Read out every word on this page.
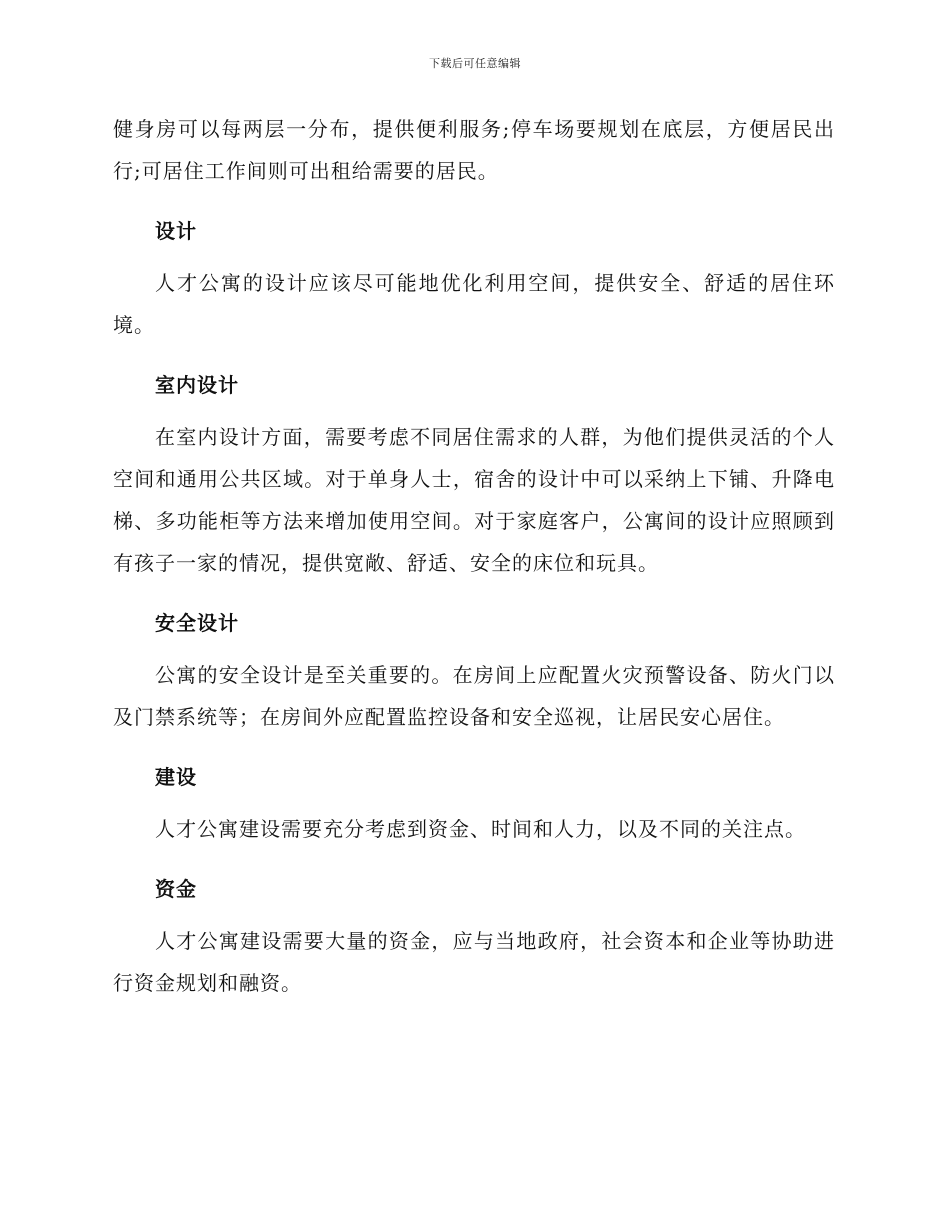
下载后可任意编辑

健身房可以每两层一分布，提供便利服务;停车场要规划在底层，方便居民出行;可居住工作间则可出租给需要的居民。

设计

人才公寓的设计应该尽可能地优化利用空间，提供安全、舒适的居住环境。

室内设计

在室内设计方面，需要考虑不同居住需求的人群，为他们提供灵活的个人空间和通用公共区域。对于单身人士，宿舍的设计中可以采纳上下铺、升降电梯、多功能柜等方法来增加使用空间。对于家庭客户，公寓间的设计应照顾到有孩子一家的情况，提供宽敞、舒适、安全的床位和玩具。

安全设计

公寓的安全设计是至关重要的。在房间上应配置火灾预警设备、防火门以及门禁系统等；在房间外应配置监控设备和安全巡视，让居民安心居住。

建设

人才公寓建设需要充分考虑到资金、时间和人力，以及不同的关注点。

资金

人才公寓建设需要大量的资金，应与当地政府，社会资本和企业等协助进行资金规划和融资。
